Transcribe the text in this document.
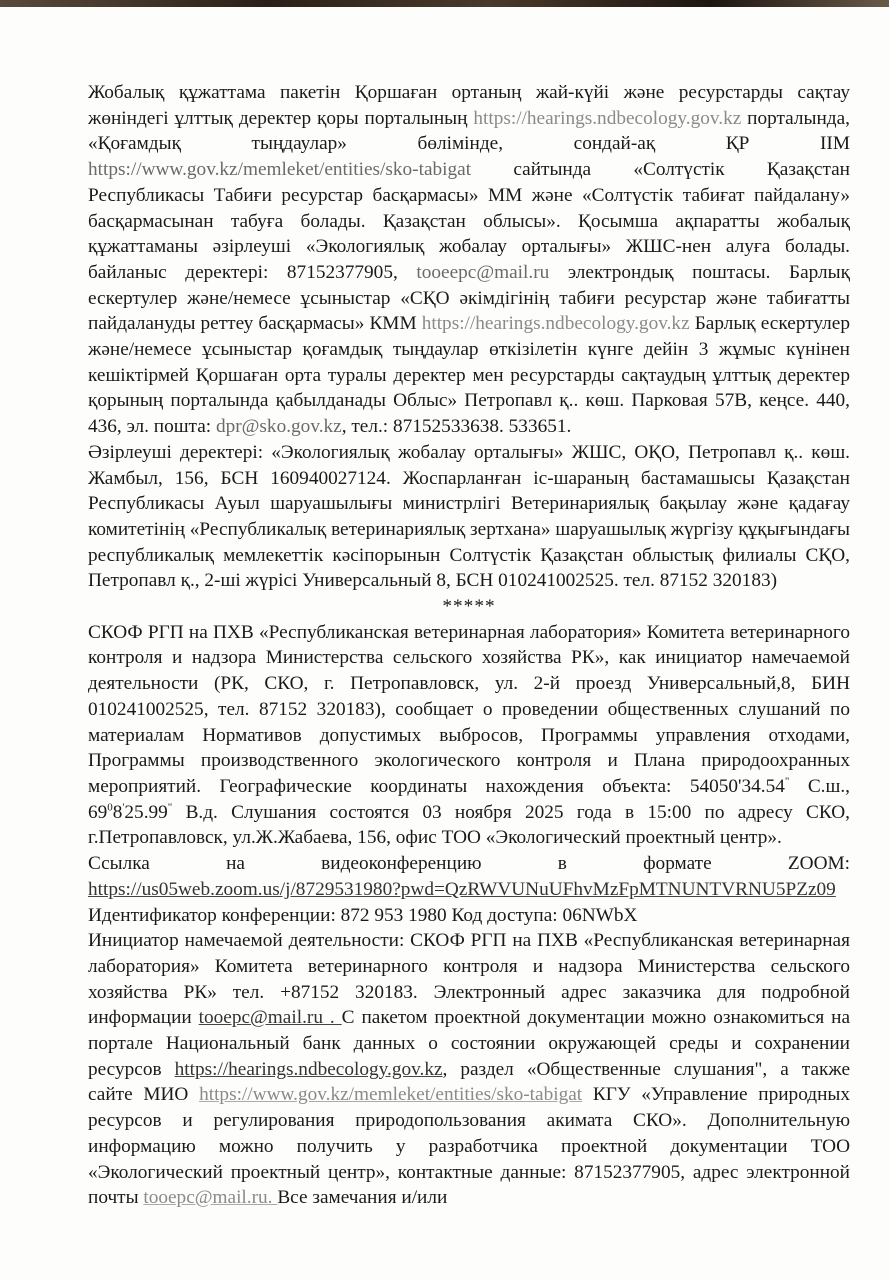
Жобалық құжаттама пакетін Қоршаған ортаның жай-күйі және ресурстарды сақтау жөніндегі ұлттық деректер қоры порталының https://hearings.ndbecology.gov.kz порталында, «Қоғамдық тыңдаулар» бөлімінде, сондай-ақ ҚР ІІМ https://www.gov.kz/memleket/entities/sko-tabigat сайтында «Солтүстік Қазақстан Республикасы Табиғи ресурстар басқармасы» ММ және «Солтүстік табиғат пайдалану» басқармасынан табуға болады. Қазақстан облысы». Қосымша ақпаратты жобалық құжаттаманы әзірлеуші «Экологиялық жобалау орталығы» ЖШС-нен алуға болады. байланыс деректері: 87152377905, tooeepc@mail.ru электрондық поштасы. Барлық ескертулер және/немесе ұсыныстар «СҚО әкімдігінің табиғи ресурстар және табиғатты пайдалануды реттеу басқармасы» КММ https://hearings.ndbecology.gov.kz Барлық ескертулер және/немесе ұсыныстар қоғамдық тыңдаулар өткізілетін күнге дейін 3 жұмыс күнінен кешіктірмей Қоршаған орта туралы деректер мен ресурстарды сақтаудың ұлттық деректер қорының порталында қабылданады Облыс» Петропавл қ.. көш. Парковая 57В, кеңсе. 440, 436, эл. пошта: dpr@sko.gov.kz, тел.: 87152533638. 533651.

Әзірлеуші деректері: «Экологиялық жобалау орталығы» ЖШС, ОҚО, Петропавл қ.. көш. Жамбыл, 156, БСН 160940027124. Жоспарланған іс-шараның бастамашысы Қазақстан Республикасы Ауыл шаруашылығы министрлігі Ветеринариялық бақылау және қадағау комитетінің «Республикалық ветеринариялық зертхана» шаруашылық жүргізу құқығындағы республикалық мемлекеттік кәсіпорынын Солтүстік Қазақстан облыстық филиалы СҚО, Петропавл қ., 2-ші жүрісі Универсальный 8, БСН 010241002525. тел. 87152 320183)

*****

СКОФ РГП на ПХВ «Республиканская ветеринарная лаборатория» Комитета ветеринарного контроля и надзора Министерства сельского хозяйства РК», как инициатор намечаемой деятельности (РК, СКО, г. Петропавловск, ул. 2-й проезд Универсальный,8, БИН 010241002525, тел. 87152 320183), сообщает о проведении общественных слушаний по материалам Нормативов допустимых выбросов, Программы управления отходами, Программы производственного экологического контроля и Плана природоохранных мероприятий. Географические координаты нахождения объекта: 54050'34.54" С.ш., $69^08'25.99^"$ В.д. Слушания состоятся 03 ноября 2025 года в 15:00 по адресу СКО, г.Петропавловск, ул.Ж.Жабаева, 156, офис ТОО «Экологический проектный центр».

Ссылка на видеоконференцию в формате ZOOM:

https://us05web.zoom.us/j/8729531980?pwd=QzRWVUNuUFhvMzFpMTNUNTVRNU5PZz09

Идентификатор конференции: 872 953 1980 Код доступа: 06NWbX

Инициатор намечаемой деятельности: СКОФ РГП на ПХВ «Республиканская ветеринарная лаборатория» Комитета ветеринарного контроля и надзора Министерства сельского хозяйства РК» тел. +87152 320183. Электронный адрес заказчика для подробной информации tooepc@mail.ru . С пакетом проектной документации можно ознакомиться на портале Национальный банк данных о состоянии окружающей среды и сохранении ресурсов https://hearings.ndbecology.gov.kz, раздел «Общественные слушания", а также сайте МИО https://www.gov.kz/memleket/entities/sko-tabigat КГУ «Управление природных ресурсов и регулирования природопользования акимата СКО». Дополнительную информацию можно получить у разработчика проектной документации ТОО «Экологический проектный центр», контактные данные: 87152377905, адрес электронной почты tooepc@mail.ru. Все замечания и/или
